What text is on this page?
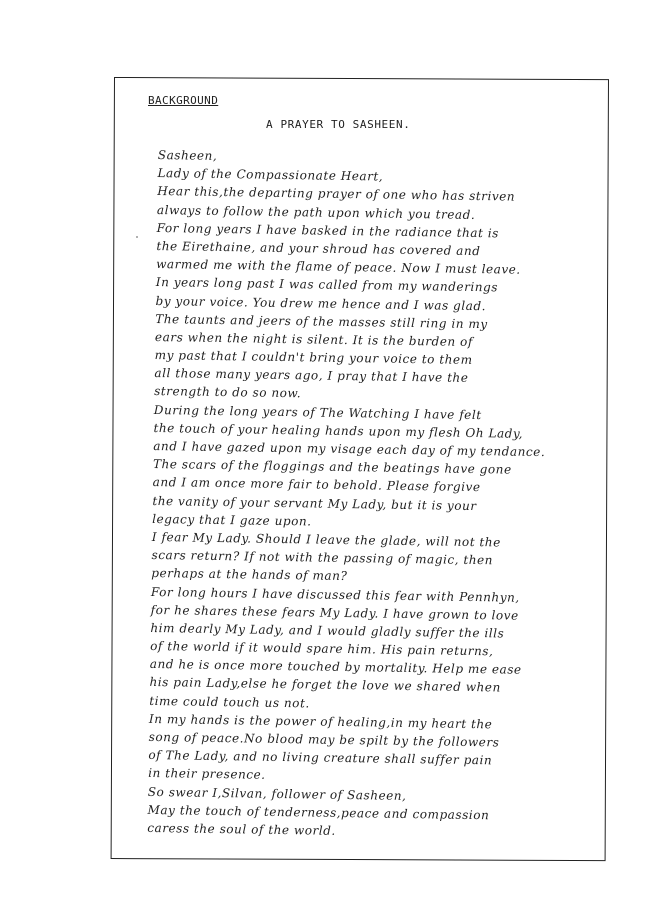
BACKGROUND
A PRAYER TO SASHEEN.
Sasheen,
Lady of the Compassionate Heart,
Hear this,the departing prayer of one who has striven
always to follow the path upon which you tread.
For long years I have basked in the radiance that is
the Eirethaine, and your shroud has covered and
warmed me with the flame of peace. Now I must leave.
In years long past I was called from my wanderings
by your voice. You drew me hence and I was glad.
The taunts and jeers of the masses still ring in my
ears when the night is silent. It is the burden of
my past that I couldn't bring your voice to them
all those many years ago, I pray that I have the
strength to do so now.
During the long years of The Watching I have felt
the touch of your healing hands upon my flesh Oh Lady,
and I have gazed upon my visage each day of my tendance.
The scars of the floggings and the beatings have gone
and I am once more fair to behold. Please forgive
the vanity of your servant My Lady, but it is your
legacy that I gaze upon.
I fear My Lady. Should I leave the glade, will not the
scars return? If not with the passing of magic, then
perhaps at the hands of man?
For long hours I have discussed this fear with Pennhyn,
for he shares these fears My Lady. I have grown to love
him dearly My Lady, and I would gladly suffer the ills
of the world if it would spare him. His pain returns,
and he is once more touched by mortality. Help me ease
his pain Lady,else he forget the love we shared when
time could touch us not.
In my hands is the power of healing,in my heart the
song of peace.No blood may be spilt by the followers
of The Lady, and no living creature shall suffer pain
in their presence.
So swear I,Silvan, follower of Sasheen,
May the touch of tenderness,peace and compassion
caress the soul of the world.
